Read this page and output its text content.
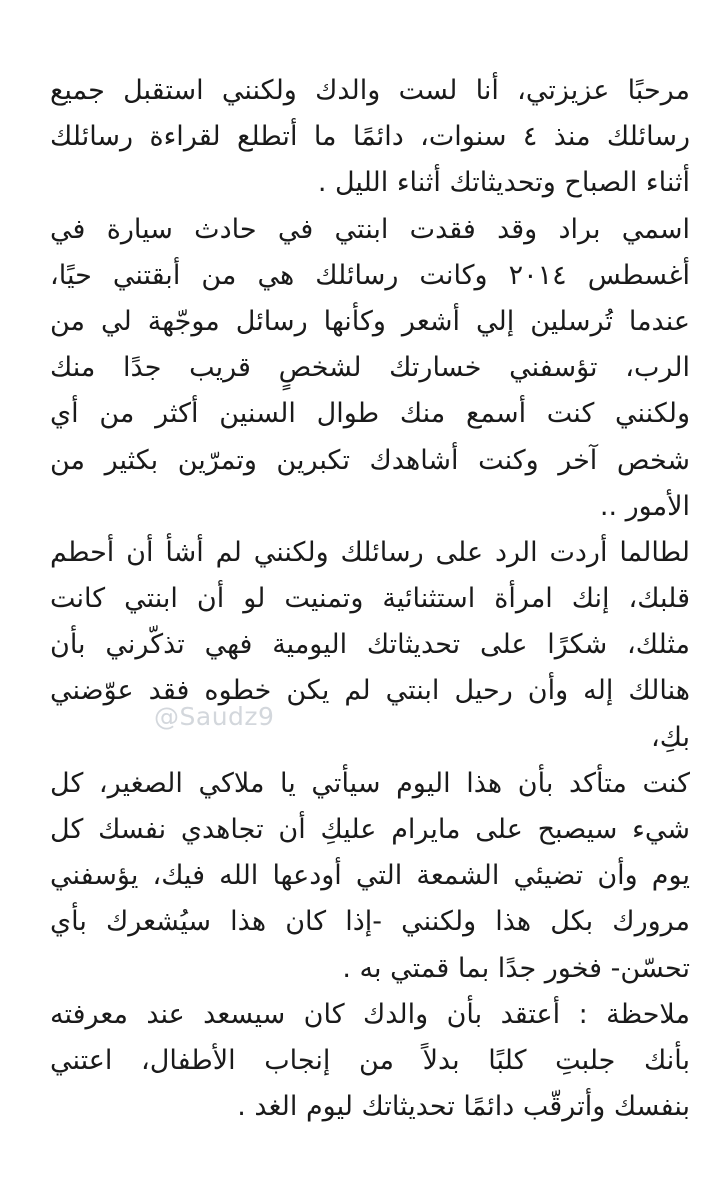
مرحبًا عزيزتي، أنا لست والدك ولكنني استقبل جميع
رسائلك منذ ٤ سنوات، دائمًا ما أتطلع لقراءة رسائلك
أثناء الصباح وتحديثاتك أثناء الليل .
اسمي براد وقد فقدت ابنتي في حادث سيارة في
أغسطس ٢٠١٤ وكانت رسائلك هي من أبقتني حيًا،
عندما تُرسلين إلي أشعر وكأنها رسائل موجّهة لي من
الرب، تؤسفني خسارتك لشخصٍ قريب جدًا منك
ولكنني كنت أسمع منك طوال السنين أكثر من أي
شخص آخر وكنت أشاهدك تكبرين وتمرّين بكثير من
الأمور ..
لطالما أردت الرد على رسائلك ولكنني لم أشأ أن أحطم
قلبك، إنك امرأة استثنائية وتمنيت لو أن ابنتي كانت
مثلك، شكرًا على تحديثاتك اليومية فهي تذكّرني بأن
هنالك إله وأن رحيل ابنتي لم يكن خطوه فقد عوّضني
بكِ،
كنت متأكد بأن هذا اليوم سيأتي يا ملاكي الصغير، كل
شيء سيصبح على مايرام عليكِ أن تجاهدي نفسك كل
يوم وأن تضيئي الشمعة التي أودعها الله فيك، يؤسفني
مرورك بكل هذا ولكنني -إذا كان هذا سيُشعرك بأي
تحسّن- فخور جدًا بما قمتي به .
ملاحظة : أعتقد بأن والدك كان سيسعد عند معرفته
بأنك جلبتِ كلبًا بدلاً من إنجاب الأطفال، اعتني
بنفسك وأترقّب دائمًا تحديثاتك ليوم الغد .
@Saudz9
